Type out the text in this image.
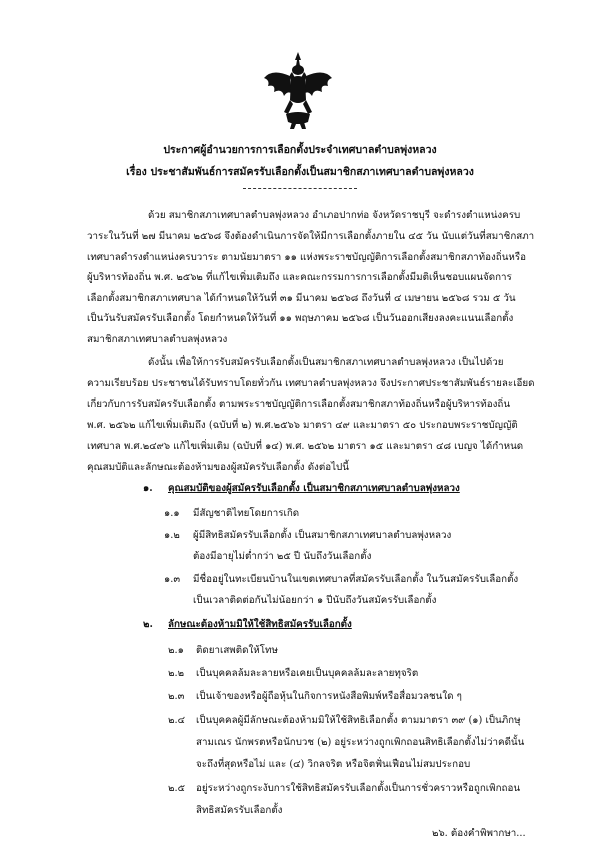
ประกาศผู้อำนวยการการเลือกตั้งประจำเทศบาลตำบลพุ่งหลวง
เรื่อง ประชาสัมพันธ์การสมัครรับเลือกตั้งเป็นสมาชิกสภาเทศบาลตำบลพุ่งหลวง
ด้วย สมาชิกสภาเทศบาลตำบลพุ่งหลวง อำเภอปากท่อ จังหวัดราชบุรี จะดำรงตำแหน่งครบ
วาระในวันที่ ๒๗ มีนาคม ๒๕๖๘ จึงต้องดำเนินการจัดให้มีการเลือกตั้งภายใน ๔๕ วัน นับแต่วันที่สมาชิกสภา
เทศบาลดำรงตำแหน่งครบวาระ ตามนัยมาตรา ๑๑ แห่งพระราชบัญญัติการเลือกตั้งสมาชิกสภาท้องถิ่นหรือ
ผู้บริหารท้องถิ่น พ.ศ. ๒๕๖๒ ที่แก้ไขเพิ่มเติมถึง และคณะกรรมการการเลือกตั้งมีมติเห็นชอบแผนจัดการ
เลือกตั้งสมาชิกสภาเทศบาล ได้กำหนดให้วันที่ ๓๑ มีนาคม ๒๕๖๘ ถึงวันที่ ๔ เมษายน ๒๕๖๘ รวม ๕ วัน
เป็นวันรับสมัครรับเลือกตั้ง โดยกำหนดให้วันที่ ๑๑ พฤษภาคม ๒๕๖๘ เป็นวันออกเสียงลงคะแนนเลือกตั้ง
สมาชิกสภาเทศบาลตำบลพุ่งหลวง
ดังนั้น เพื่อให้การรับสมัครรับเลือกตั้งเป็นสมาชิกสภาเทศบาลตำบลพุ่งหลวง เป็นไปด้วย
ความเรียบร้อย ประชาชนได้รับทราบโดยทั่วกัน เทศบาลตำบลพุ่งหลวง จึงประกาศประชาสัมพันธ์รายละเอียด
เกี่ยวกับการรับสมัครรับเลือกตั้ง ตามพระราชบัญญัติการเลือกตั้งสมาชิกสภาท้องถิ่นหรือผู้บริหารท้องถิ่น
พ.ศ. ๒๕๖๒ แก้ไขเพิ่มเติมถึง (ฉบับที่ ๒) พ.ศ.๒๕๖๖ มาตรา ๔๙ และมาตรา ๕๐ ประกอบพระราชบัญญัติ
เทศบาล พ.ศ.๒๔๙๖ แก้ไขเพิ่มเติม (ฉบับที่ ๑๔) พ.ศ. ๒๕๖๒ มาตรา ๑๕ และมาตรา ๔๘ เบญจ ได้กำหนด
คุณสมบัติและลักษณะต้องห้ามของผู้สมัครรับเลือกตั้ง ดังต่อไปนี้
๑. คุณสมบัติของผู้สมัครรับเลือกตั้ง เป็นสมาชิกสภาเทศบาลตำบลพุ่งหลวง
๑.๑ มีสัญชาติไทยโดยการเกิด
๑.๒ ผู้มีสิทธิสมัครรับเลือกตั้ง เป็นสมาชิกสภาเทศบาลตำบลพุ่งหลวง
ต้องมีอายุไม่ต่ำกว่า ๒๕ ปี นับถึงวันเลือกตั้ง
๑.๓ มีชื่ออยู่ในทะเบียนบ้านในเขตเทศบาลที่สมัครรับเลือกตั้ง ในวันสมัครรับเลือกตั้ง
เป็นเวลาติดต่อกันไม่น้อยกว่า ๑ ปีนับถึงวันสมัครรับเลือกตั้ง
๒. ลักษณะต้องห้ามมิให้ใช้สิทธิสมัครรับเลือกตั้ง
๒.๑ ติดยาเสพติดให้โทษ
๒.๒ เป็นบุคคลล้มละลายหรือเคยเป็นบุคคลล้มละลายทุจริต
๒.๓ เป็นเจ้าของหรือผู้ถือหุ้นในกิจการหนังสือพิมพ์หรือสื่อมวลชนใด ๆ
๒.๔ เป็นบุคคลผู้มีลักษณะต้องห้ามมิให้ใช้สิทธิเลือกตั้ง ตามมาตรา ๓๙ (๑) เป็นภิกษุ
สามเณร นักพรตหรือนักบวช (๒) อยู่ระหว่างถูกเพิกถอนสิทธิเลือกตั้งไม่ว่าคดีนั้น
จะถึงที่สุดหรือไม่ และ (๔) วิกลจริต หรือจิตฟั่นเฟือนไม่สมประกอบ
๒.๕ อยู่ระหว่างถูกระงับการใช้สิทธิสมัครรับเลือกตั้งเป็นการชั่วคราวหรือถูกเพิกถอน
สิทธิสมัครรับเลือกตั้ง
๒๖. ต้องคำพิพากษา...
